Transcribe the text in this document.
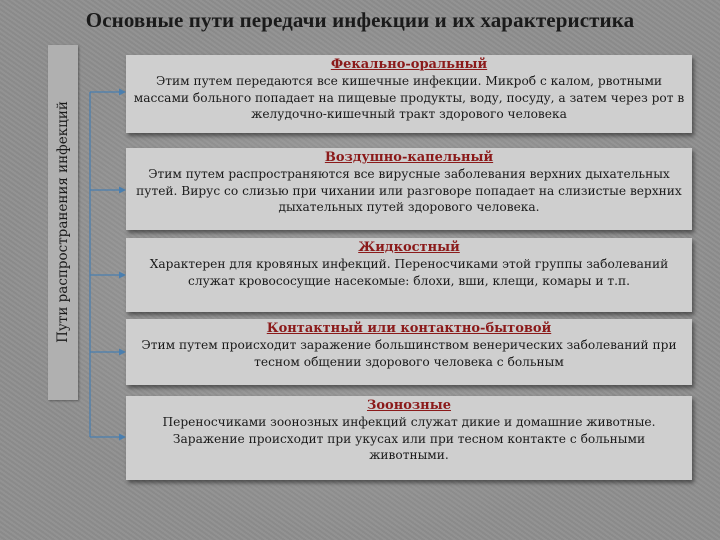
Основные пути передачи инфекции и их характеристика
Пути распространения инфекций
Фекально-оральный
Этим путем передаются все кишечные инфекции. Микроб с калом, рвотными массами больного попадает на пищевые продукты, воду, посуду, а затем через рот в желудочно-кишечный тракт здорового человека
Воздушно-капельный
Этим путем распространяются все вирусные заболевания верхних дыхательных путей. Вирус со слизью при чихании или разговоре попадает на слизистые верхних дыхательных путей здорового человека.
Жидкостный
Характерен для кровяных инфекций. Переносчиками этой группы заболеваний служат кровососущие насекомые: блохи, вши, клещи, комары и т.п.
Контактный или контактно-бытовой
Этим путем происходит заражение большинством венерических заболеваний при тесном общении здорового человека с больным
Зоонозные
Переносчиками зоонозных инфекций служат дикие и домашние животные. Заражение происходит при укусах или при тесном контакте с больными животными.
